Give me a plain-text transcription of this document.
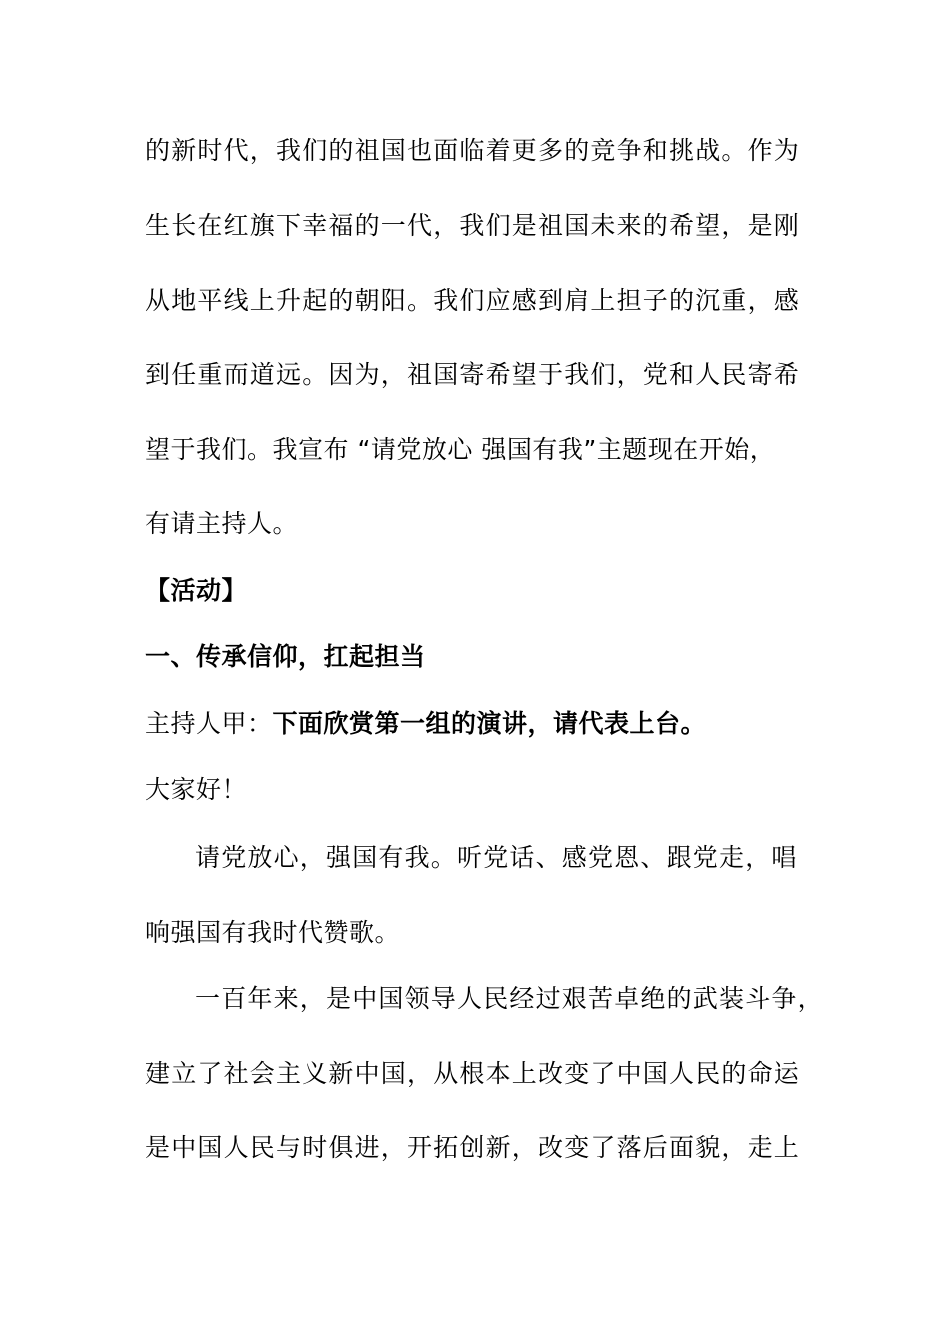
的新时代，我们的祖国也面临着更多的竞争和挑战。作为
生长在红旗下幸福的一代，我们是祖国未来的希望，是刚
从地平线上升起的朝阳。我们应感到肩上担子的沉重，感
到任重而道远。因为，祖国寄希望于我们，党和人民寄希
望于我们。我宣布 “请党放心 强国有我”主题现在开始，
有请主持人。
【活动】
一、传承信仰，扛起担当
主持人甲：下面欣赏第一组的演讲，请代表上台。
大家好！
请党放心，强国有我。听党话、感党恩、跟党走，唱
响强国有我时代赞歌。
一百年来，是中国领导人民经过艰苦卓绝的武装斗争，
建立了社会主义新中国，从根本上改变了中国人民的命运
是中国人民与时俱进，开拓创新，改变了落后面貌，走上
